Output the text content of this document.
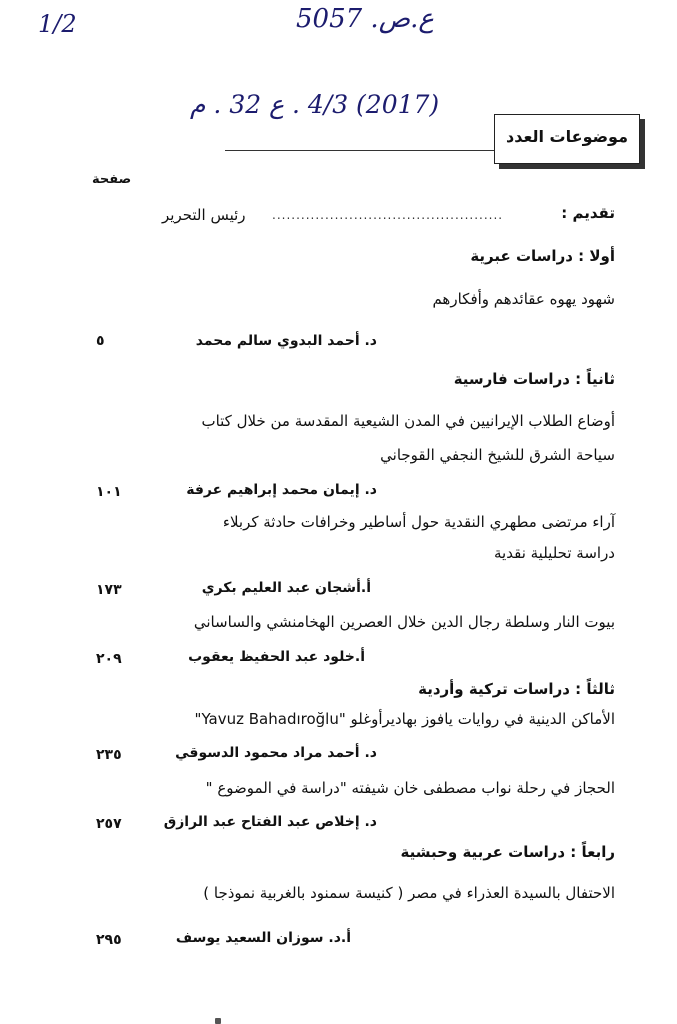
1/2	ع.ص. 5057
(2017) 4/3 . ع 32 . م
موضوعات العدد
صفحة
تقديم :
................................................
رئيس التحرير
أولا : دراسات عبرية
شهود يهوه عقائدهم وأفكارهم
د. أحمد البدوي سالم محمد
٥
ثانياً : دراسات فارسية
أوضاع الطلاب الإيرانيين في المدن الشيعية المقدسة من خلال كتاب
سياحة الشرق للشيخ النجفي القوجاني
د. إيمان محمد إبراهيم عرفة
١٠١
آراء مرتضى مطهري النقدية حول أساطير وخرافات حادثة كربلاء
دراسة تحليلية نقدية
أ.أشجان عبد العليم بكري
١٧٣
بيوت النار وسلطة رجال الدين خلال العصرين الهخامنشي والساساني
أ.خلود عبد الحفيظ يعقوب
٢٠٩
ثالثاً : دراسات تركية وأردية
الأماكن الدينية في روايات يافوز بهاديرأوغلو "Yavuz Bahadıroğlu"
د. أحمد مراد محمود الدسوقي
٢٣٥
الحجاز في رحلة نواب مصطفى خان شيفته "دراسة في الموضوع "
د. إخلاص عبد الفتاح عبد الرازق
٢٥٧
رابعاً : دراسات عربية وحبشية
الاحتفال بالسيدة العذراء في مصر ( كنيسة سمنود بالغربية نموذجا )
أ.د. سوزان السعيد يوسف
٢٩٥
